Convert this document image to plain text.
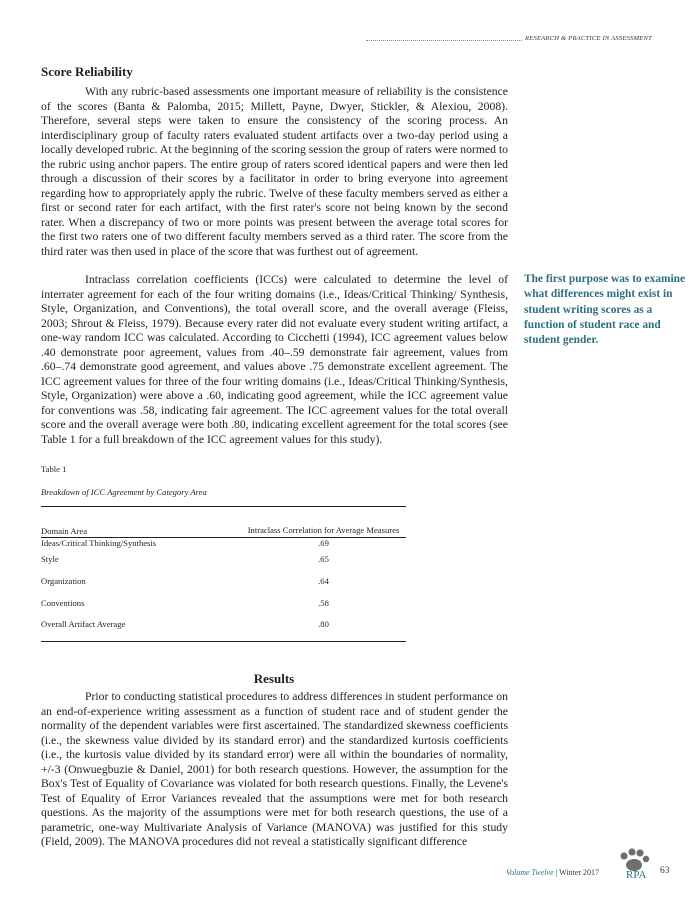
RESEARCH & PRACTICE IN ASSESSMENT
Score Reliability

With any rubric-based assessments one important measure of reliability is the consistence of the scores (Banta & Palomba, 2015; Millett, Payne, Dwyer, Stickler, & Alexiou, 2008). Therefore, several steps were taken to ensure the consistency of the scoring process. An interdisciplinary group of faculty raters evaluated student artifacts over a two-day period using a locally developed rubric. At the beginning of the scoring session the group of raters were normed to the rubric using anchor papers. The entire group of raters scored identical papers and were then led through a discussion of their scores by a facilitator in order to bring everyone into agreement regarding how to appropriately apply the rubric. Twelve of these faculty members served as either a first or second rater for each artifact, with the first rater's score not being known by the second rater. When a discrepancy of two or more points was present between the average total scores for the first two raters one of two different faculty members served as a third rater. The score from the third rater was then used in place of the score that was furthest out of agreement.

Intraclass correlation coefficients (ICCs) were calculated to determine the level of interrater agreement for each of the four writing domains (i.e., Ideas/Critical Thinking/ Synthesis, Style, Organization, and Conventions), the total overall score, and the overall average (Fleiss, 2003; Shrout & Fleiss, 1979). Because every rater did not evaluate every student writing artifact, a one-way random ICC was calculated. According to Cicchetti (1994), ICC agreement values below .40 demonstrate poor agreement, values from .40–.59 demonstrate fair agreement, values from .60–.74 demonstrate good agreement, and values above .75 demonstrate excellent agreement. The ICC agreement values for three of the four writing domains (i.e., Ideas/Critical Thinking/Synthesis, Style, Organization) were above a .60, indicating good agreement, while the ICC agreement value for conventions was .58, indicating fair agreement. The ICC agreement values for the total overall score and the overall average were both .80, indicating excellent agreement for the total scores (see Table 1 for a full breakdown of the ICC agreement values for this study).

The first purpose was to examine what differences might exist in student writing scores as a function of student race and student gender.

Table 1

Breakdown of ICC Agreement by Category Area

Domain Area	Intraclass Correlation for Average Measures
Ideas/Critical Thinking/Synthesis	.69
Style	.65
Organization	.64
Conventions	.58
Overall Artifact Average	.80
Results

Prior to conducting statistical procedures to address differences in student performance on an end-of-experience writing assessment as a function of student race and of student gender the normality of the dependent variables were first ascertained. The standardized skewness coefficients (i.e., the skewness value divided by its standard error) and the standardized kurtosis coefficients (i.e., the kurtosis value divided by its standard error) were all within the boundaries of normality, +/-3 (Onwuegbuzie & Daniel, 2001) for both research questions. However, the assumption for the Box's Test of Equality of Covariance was violated for both research questions. Finally, the Levene's Test of Equality of Error Variances revealed that the assumptions were met for both research questions. As the majority of the assumptions were met for both research questions, the use of a parametric, one-way Multivariate Analysis of Variance (MANOVA) was justified for this study (Field, 2009). The MANOVA procedures did not reveal a statistically significant difference

Volume Twelve | Winter 2017 RPA 63
